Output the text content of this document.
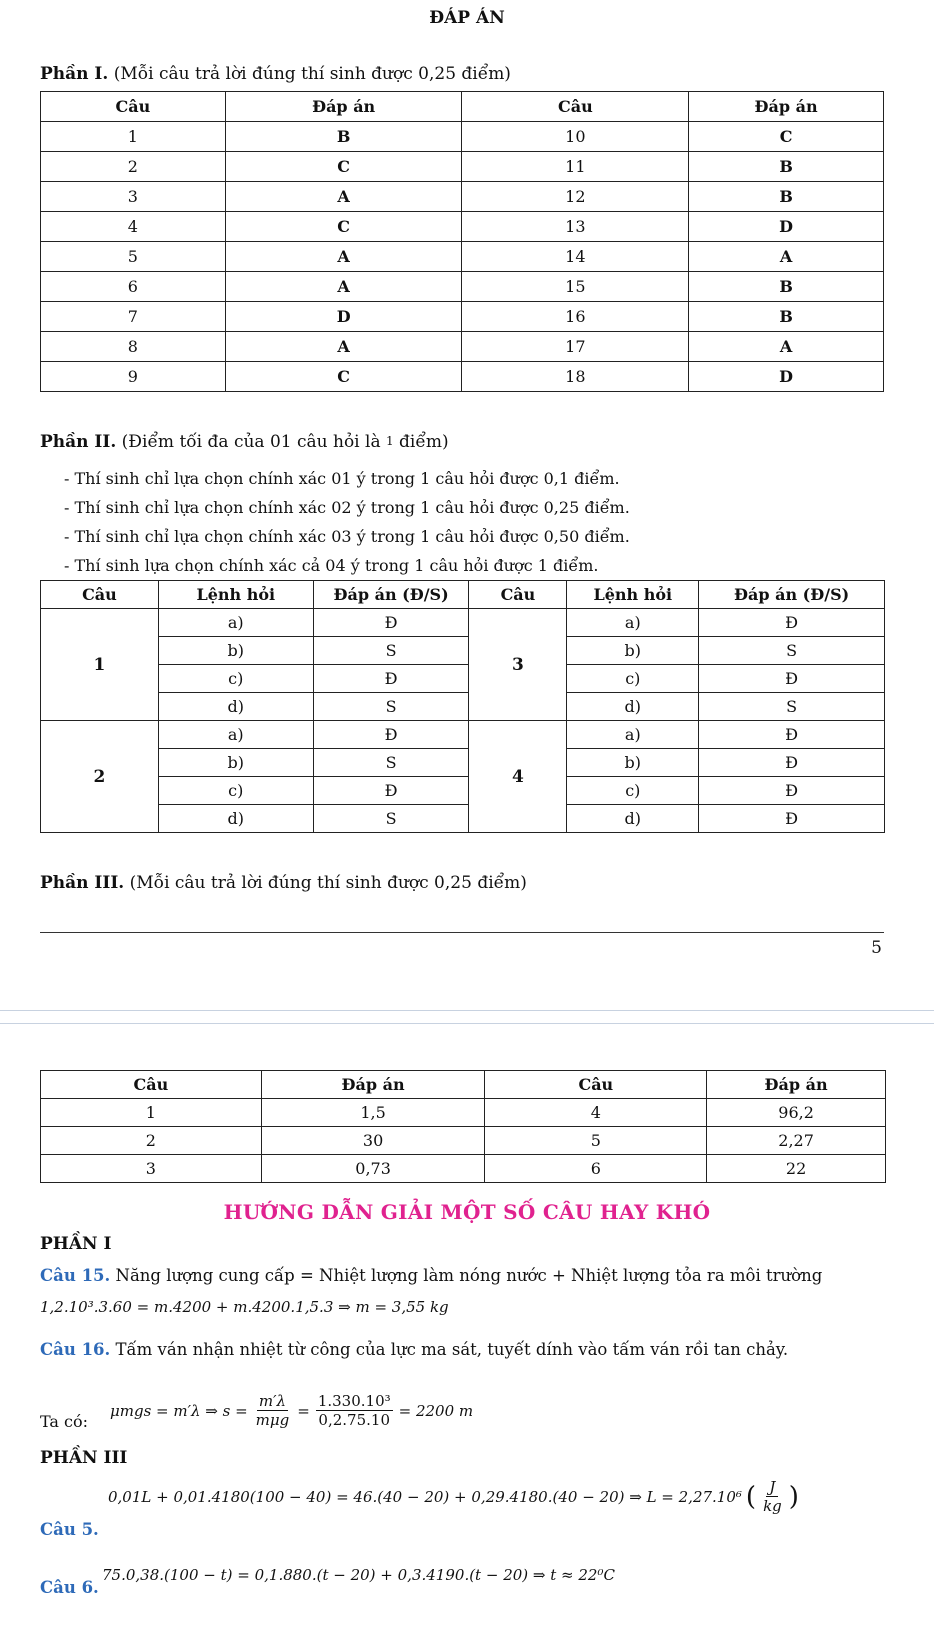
ĐÁP ÁN
Phần I. (Mỗi câu trả lời đúng thí sinh được 0,25 điểm)
Câu	Đáp án	Câu	Đáp án
1	B	10	C
2	C	11	B
3	A	12	B
4	C	13	D
5	A	14	A
6	A	15	B
7	D	16	B
8	A	17	A
9	C	18	D
Phần II. (Điểm tối đa của 01 câu hỏi là 1 điểm)
- Thí sinh chỉ lựa chọn chính xác 01 ý trong 1 câu hỏi được 0,1 điểm.
- Thí sinh chỉ lựa chọn chính xác 02 ý trong 1 câu hỏi được 0,25 điểm.
- Thí sinh chỉ lựa chọn chính xác 03 ý trong 1 câu hỏi được 0,50 điểm.
- Thí sinh lựa chọn chính xác cả 04 ý trong 1 câu hỏi được 1 điểm.
Câu	Lệnh hỏi	Đáp án (Đ/S)	Câu	Lệnh hỏi	Đáp án (Đ/S)
1	a)	Đ	3	a)	Đ
	b)	S		b)	S
	c)	Đ		c)	Đ
	d)	S		d)	S
2	a)	Đ	4	a)	Đ
	b)	S		b)	Đ
	c)	Đ		c)	Đ
	d)	S		d)	Đ
Phần III. (Mỗi câu trả lời đúng thí sinh được 0,25 điểm)
5
Câu	Đáp án	Câu	Đáp án
1	1,5	4	96,2
2	30	5	2,27
3	0,73	6	22
HƯỚNG DẪN GIẢI MỘT SỐ CÂU HAY KHÓ
PHẦN I
Câu 15. Năng lượng cung cấp = Nhiệt lượng làm nóng nước + Nhiệt lượng tỏa ra môi trường
1,2.10³.3.60 = m.4200 + m.4200.1,5.3 ⇒ m = 3,55 kg
Câu 16. Tấm ván nhận nhiệt từ công của lực ma sát, tuyết dính vào tấm ván rồi tan chảy.
Ta có:
μmgs = m′λ ⇒ s =
m′λ
mμg
= $\frac{\text{1.330.10³}}{0,2.75.10} = 2200$ m
PHẦN III
Câu 5.
0,01L + 0,01.4180(100 − 40) = 46.(40 − 20) + 0,29.4180.(40 − 20) ⇒ L = 2,27.10⁶ ( $\frac{J}{kg}$ )
Câu 6.
75.0,38.(100 − t) = 0,1.880.(t − 20) + 0,3.4190.(t − 20) ⇒ t ≈ 22⁰C
